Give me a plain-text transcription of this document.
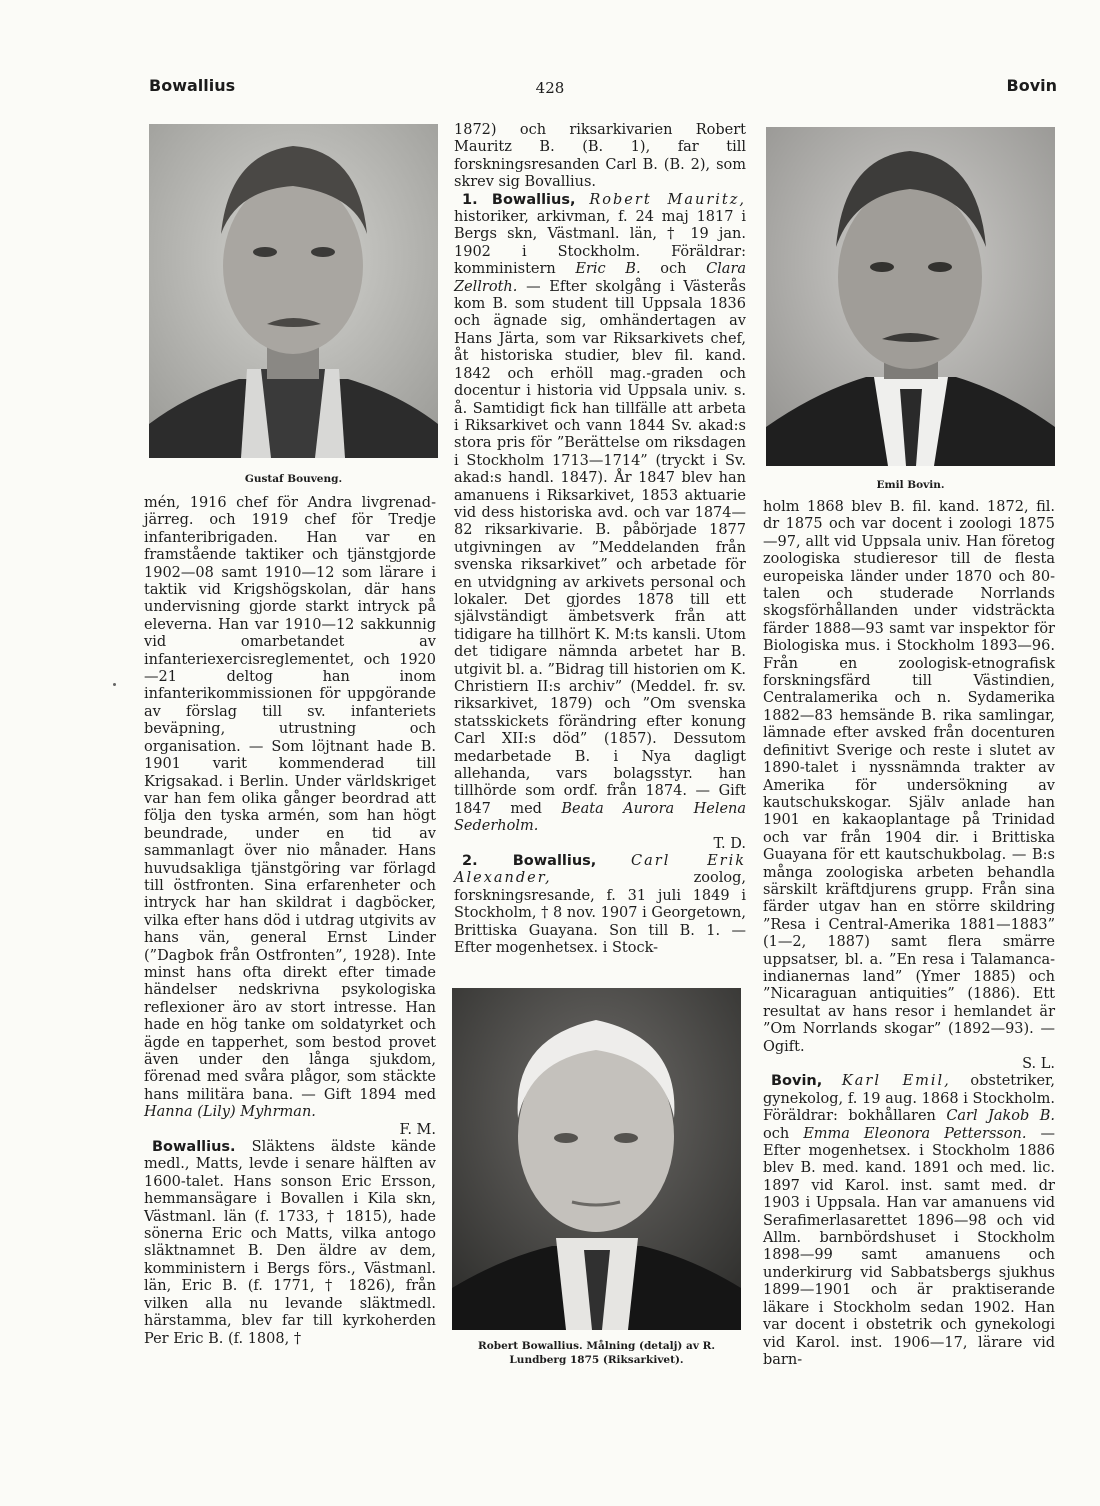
Bowallius	428	Bovin
Gustaf Bouveng.	Emil Bovin.
Robert Bowallius. Målning (detalj) av R.
Lundberg 1875 (Riksarkivet).

mén, 1916 chef för Andra livgrenad-järreg. och 1919 chef för Tredje infanteribrigaden. Han var en framstående taktiker och tjänstgjorde 1902—08 samt 1910—12 som lärare i taktik vid Krigshögskolan, där hans undervisning gjorde starkt intryck på eleverna. Han var 1910—12 sakkunnig vid omarbetandet av infanteriexercisreglementet, och 1920—21 deltog han inom infanterikommissionen för uppgörande av förslag till sv. infanteriets beväpning, utrustning och organisation. — Som löjtnant hade B. 1901 varit kommenderad till Krigsakad. i Berlin. Under världskriget var han fem olika gånger beordrad att följa den tyska armén, som han högt beundrade, under en tid av sammanlagt över nio månader. Hans huvudsakliga tjänstgöring var förlagd till östfronten. Sina erfarenheter och intryck har han skildrat i dagböcker, vilka efter hans död i utdrag utgivits av hans vän, general Ernst Linder (”Dagbok från Ostfronten”, 1928). Inte minst hans ofta direkt efter timade händelser nedskrivna psykologiska reflexioner äro av stort intresse. Han hade en hög tanke om soldatyrket och ägde en tapperhet, som bestod provet även under den långa sjukdom, förenad med svåra plågor, som stäckte hans militära bana. — Gift 1894 med Hanna (Lily) Myhrman.

F. M.

Bowallius. Släktens äldste kände medl., Matts, levde i senare hälften av 1600-talet. Hans sonson Eric Ersson, hemmansägare i Bovallen i Kila skn, Västmanl. län (f. 1733, † 1815), hade sönerna Eric och Matts, vilka antogo släktnamnet B. Den äldre av dem, komministern i Bergs förs., Västmanl. län, Eric B. (f. 1771, † 1826), från vilken alla nu levande släktmedl. härstamma, blev far till kyrkoherden Per Eric B. (f. 1808, †

1872) och riksarkivarien Robert Mauritz B. (B. 1), far till forskningsresanden Carl B. (B. 2), som skrev sig Bovallius.

1. Bowallius, Robert Mauritz, historiker, arkivman, f. 24 maj 1817 i Bergs skn, Västmanl. län, † 19 jan. 1902 i Stockholm. Föräldrar: komministern Eric B. och Clara Zellroth. — Efter skolgång i Västerås kom B. som student till Uppsala 1836 och ägnade sig, omhändertagen av Hans Järta, som var Riksarkivets chef, åt historiska studier, blev fil. kand. 1842 och erhöll mag.-graden och docentur i historia vid Uppsala univ. s. å. Samtidigt fick han tillfälle att arbeta i Riksarkivet och vann 1844 Sv. akad:s stora pris för ”Berättelse om riksdagen i Stockholm 1713—1714” (tryckt i Sv. akad:s handl. 1847). År 1847 blev han amanuens i Riksarkivet, 1853 aktuarie vid dess historiska avd. och var 1874—82 riksarkivarie. B. påbörjade 1877 utgivningen av ”Meddelanden från svenska riksarkivet” och arbetade för en utvidgning av arkivets personal och lokaler. Det gjordes 1878 till ett självständigt ämbetsverk från att tidigare ha tillhört K. M:ts kansli. Utom det tidigare nämnda arbetet har B. utgivit bl. a. ”Bidrag till historien om K. Christiern II:s archiv” (Meddel. fr. sv. riksarkivet, 1879) och ”Om svenska statsskickets förändring efter konung Carl XII:s död” (1857). Dessutom medarbetade B. i Nya dagligt allehanda, vars bolagsstyr. han tillhörde som ordf. från 1874. — Gift 1847 med Beata Aurora Helena Sederholm.

T. D.

2. Bowallius, Carl Erik Alexander,	zoolog, forskningsresande, f. 31 juli 1849 i Stockholm, † 8 nov. 1907 i Georgetown, Brittiska Guayana. Son till B. 1. — Efter mogenhetsex. i Stock-

holm 1868 blev B. fil. kand. 1872, fil. dr 1875 och var docent i zoologi 1875—97, allt vid Uppsala univ. Han företog zoologiska studieresor till de flesta europeiska länder under 1870 och 80-talen och studerade Norrlands skogsförhållanden under vidsträckta färder 1888—93 samt var inspektor för Biologiska mus. i Stockholm 1893—96. Från en zoologisk-etnografisk forskningsfärd till Västindien, Centralamerika och n. Sydamerika 1882—83 hemsände B. rika samlingar, lämnade efter avsked från docenturen definitivt Sverige och reste i slutet av 1890-talet i nyssnämnda trakter av Amerika för undersökning av kautschukskogar. Själv anlade han 1901 en kakaoplantage på Trinidad och var från 1904 dir. i Brittiska Guayana för ett kautschukbolag. — B:s många zoologiska arbeten behandla särskilt kräftdjurens grupp. Från sina färder utgav han en större skildring ”Resa i Central-Amerika 1881—1883” (1—2, 1887) samt flera smärre uppsatser, bl. a. ”En resa i Talamanca-indianernas land” (Ymer 1885) och ”Nicaraguan antiquities” (1886). Ett resultat av hans resor i hemlandet är ”Om Norrlands skogar” (1892—93). — Ogift.

S. L.

Bovin, Karl Emil, obstetriker, gynekolog, f. 19 aug. 1868 i Stockholm. Föräldrar: bokhållaren Carl Jakob B. och Emma Eleonora Pettersson. — Efter mogenhetsex. i Stockholm 1886 blev B. med. kand. 1891 och med. lic. 1897 vid Karol. inst. samt med. dr 1903 i Uppsala. Han var amanuens vid Serafimerlasarettet 1896—98 och vid Allm. barnbördshuset i Stockholm 1898—99 samt amanuens och underkirurg vid Sabbatsbergs sjukhus 1899—1901 och är praktiserande läkare i Stockholm sedan 1902. Han var docent i obstetrik och gynekologi vid Karol. inst. 1906—17, lärare vid barn-
